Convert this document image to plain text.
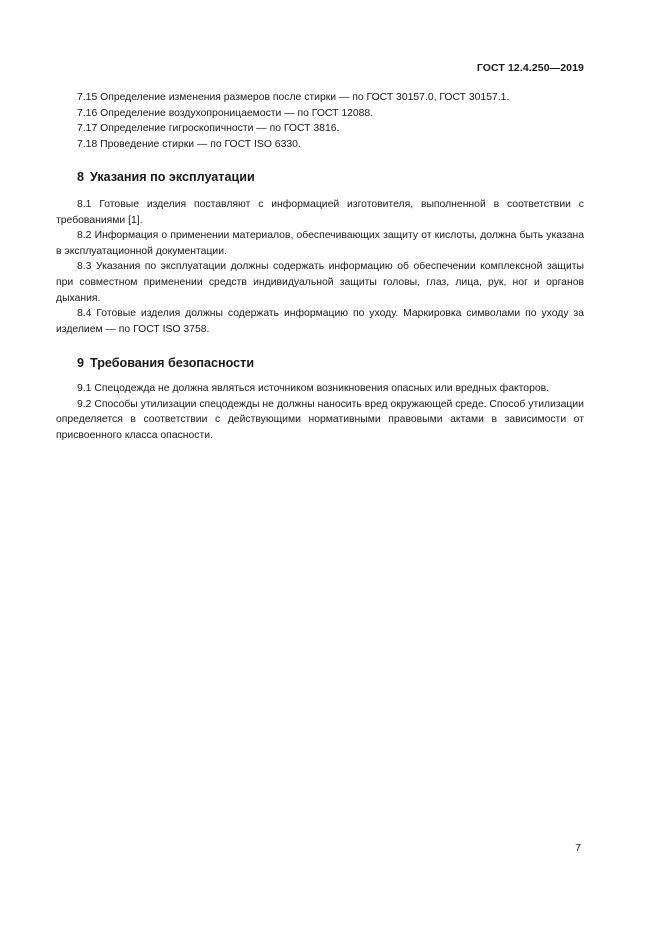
ГОСТ 12.4.250—2019

7.15 Определение изменения размеров после стирки — по ГОСТ 30157.0, ГОСТ 30157.1.

7.16 Определение воздухопроницаемости — по ГОСТ 12088.

7.17 Определение гигроскопичности — по ГОСТ 3816.

7.18 Проведение стирки — по ГОСТ ISO 6330.

8 Указания по эксплуатации

8.1 Готовые изделия поставляют с информацией изготовителя, выполненной в соответствии с требованиями [1].

8.2 Информация о применении материалов, обеспечивающих защиту от кислоты, должна быть указана в эксплуатационной документации.

8.3 Указания по эксплуатации должны содержать информацию об обеспечении комплексной защиты при совместном применении средств индивидуальной защиты головы, глаз, лица, рук, ног и органов дыхания.

8.4 Готовые изделия должны содержать информацию по уходу. Маркировка символами по уходу за изделием — по ГОСТ ISO 3758.

9 Требования безопасности

9.1 Спецодежда не должна являться источником возникновения опасных или вредных факторов.

9.2 Способы утилизации спецодежды не должны наносить вред окружающей среде. Способ утилизации определяется в соответствии с действующими нормативными правовыми актами в зависимости от присвоенного класса опасности.

7
